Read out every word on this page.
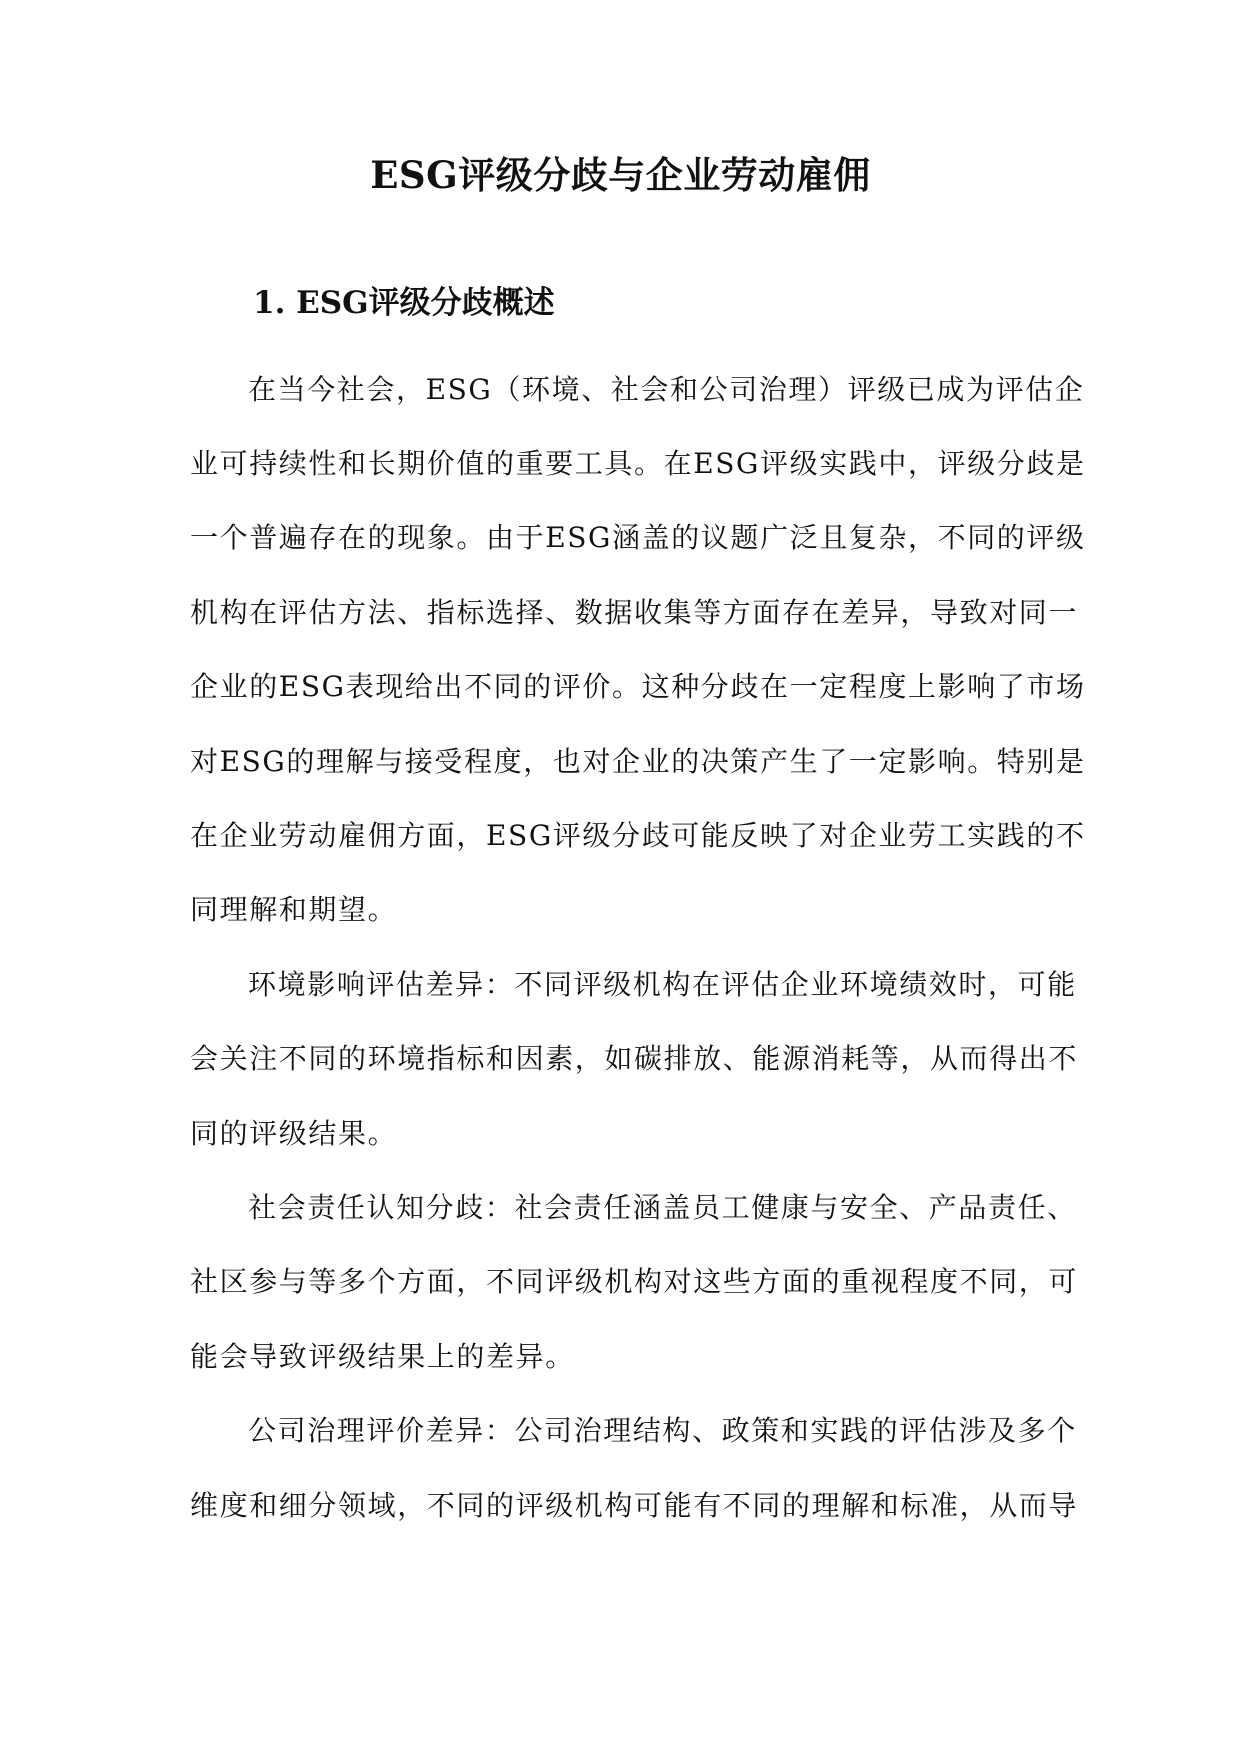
ESG评级分歧与企业劳动雇佣
1. ESG评级分歧概述
在当今社会，ESG（环境、社会和公司治理）评级已成为评估企
业可持续性和长期价值的重要工具。在ESG评级实践中，评级分歧是
一个普遍存在的现象。由于ESG涵盖的议题广泛且复杂，不同的评级
机构在评估方法、指标选择、数据收集等方面存在差异，导致对同一
企业的ESG表现给出不同的评价。这种分歧在一定程度上影响了市场
对ESG的理解与接受程度，也对企业的决策产生了一定影响。特别是
在企业劳动雇佣方面，ESG评级分歧可能反映了对企业劳工实践的不
同理解和期望。
环境影响评估差异：不同评级机构在评估企业环境绩效时，可能
会关注不同的环境指标和因素，如碳排放、能源消耗等，从而得出不
同的评级结果。
社会责任认知分歧：社会责任涵盖员工健康与安全、产品责任、
社区参与等多个方面，不同评级机构对这些方面的重视程度不同，可
能会导致评级结果上的差异。
公司治理评价差异：公司治理结构、政策和实践的评估涉及多个
维度和细分领域，不同的评级机构可能有不同的理解和标准，从而导
